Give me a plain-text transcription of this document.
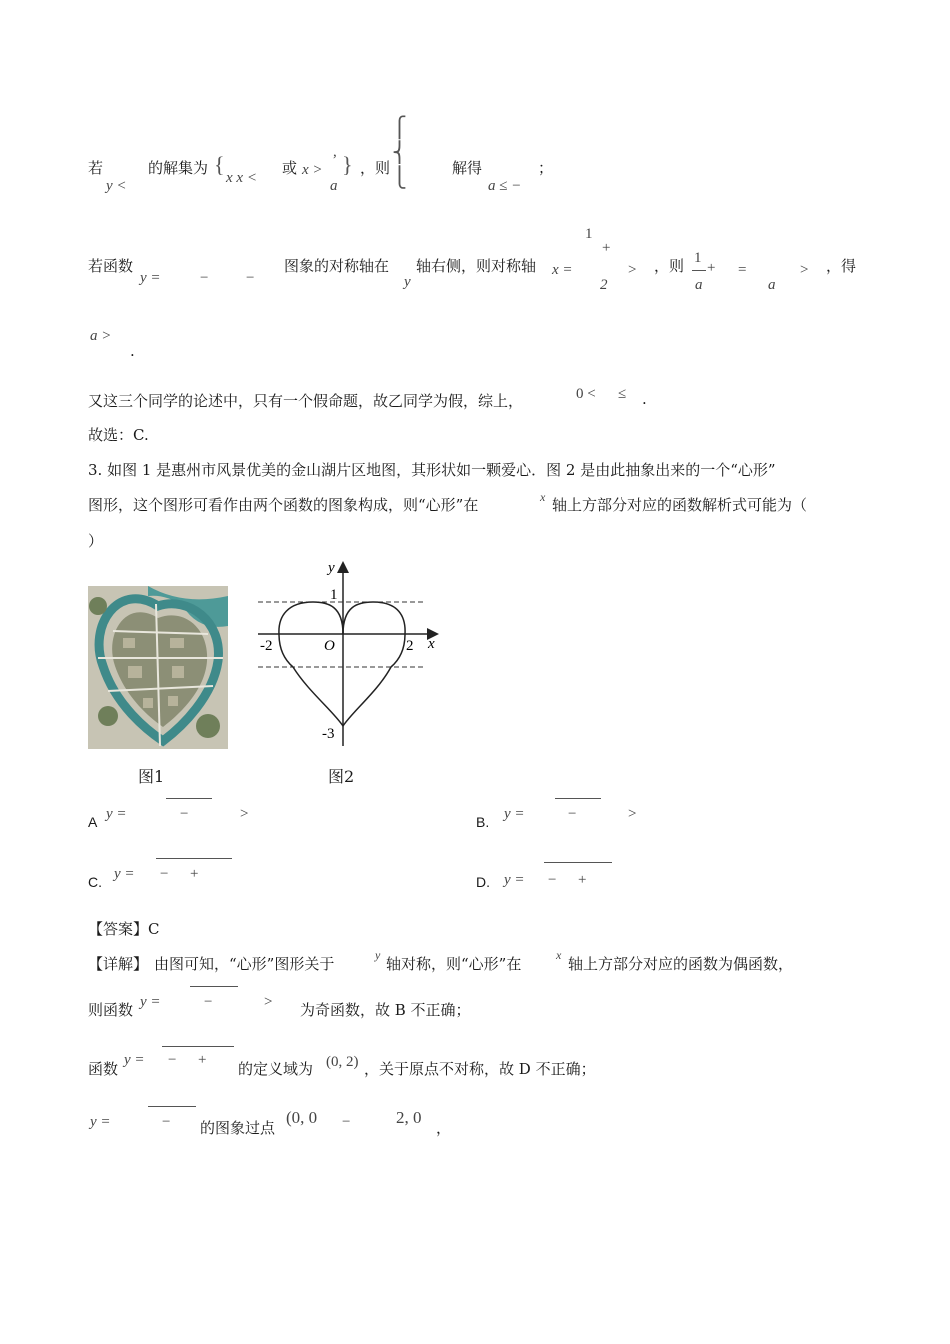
若
y <
的解集为 {
x x <
或 x >
,
a
} ，则
⎧
⎨
⎩	解得
a ≤ −
；
若函数
y =	−	−
图象的对称轴在
y
轴右侧，则对称轴 x =
1
+
2
> ，则 1
a
+ =
a
> ，得
a >
.
又这三个同学的论述中，只有一个假命题，故乙同学为假，综上，	0 < ≤ .
故选：C.
3. 如图 1 是惠州市风景优美的金山湖片区地图，其形状如一颗爱心．图 2 是由此抽象出来的一个“心形”
图形，这个图形可看作由两个函数的图象构成，则“心形”在	x 轴上方部分对应的函数解析式可能为（
）
图1
y
x
1
-2	O	2
-3
图2
A y =	−	>	B. y =	−	>
C. y = − +	D. y = − +
【答案】C
【详解】 由图可知，“心形”图形关于	y 轴对称，则“心形”在	x 轴上方部分对应的函数为偶函数，
则函数 y =	−	> 为奇函数，故 B 不正确；
函数 y = − + 的定义域为 (0, 2) ，关于原点不对称，故 D 不正确；
y =	− 的图象过点
(0, 0 −	2, 0
，
